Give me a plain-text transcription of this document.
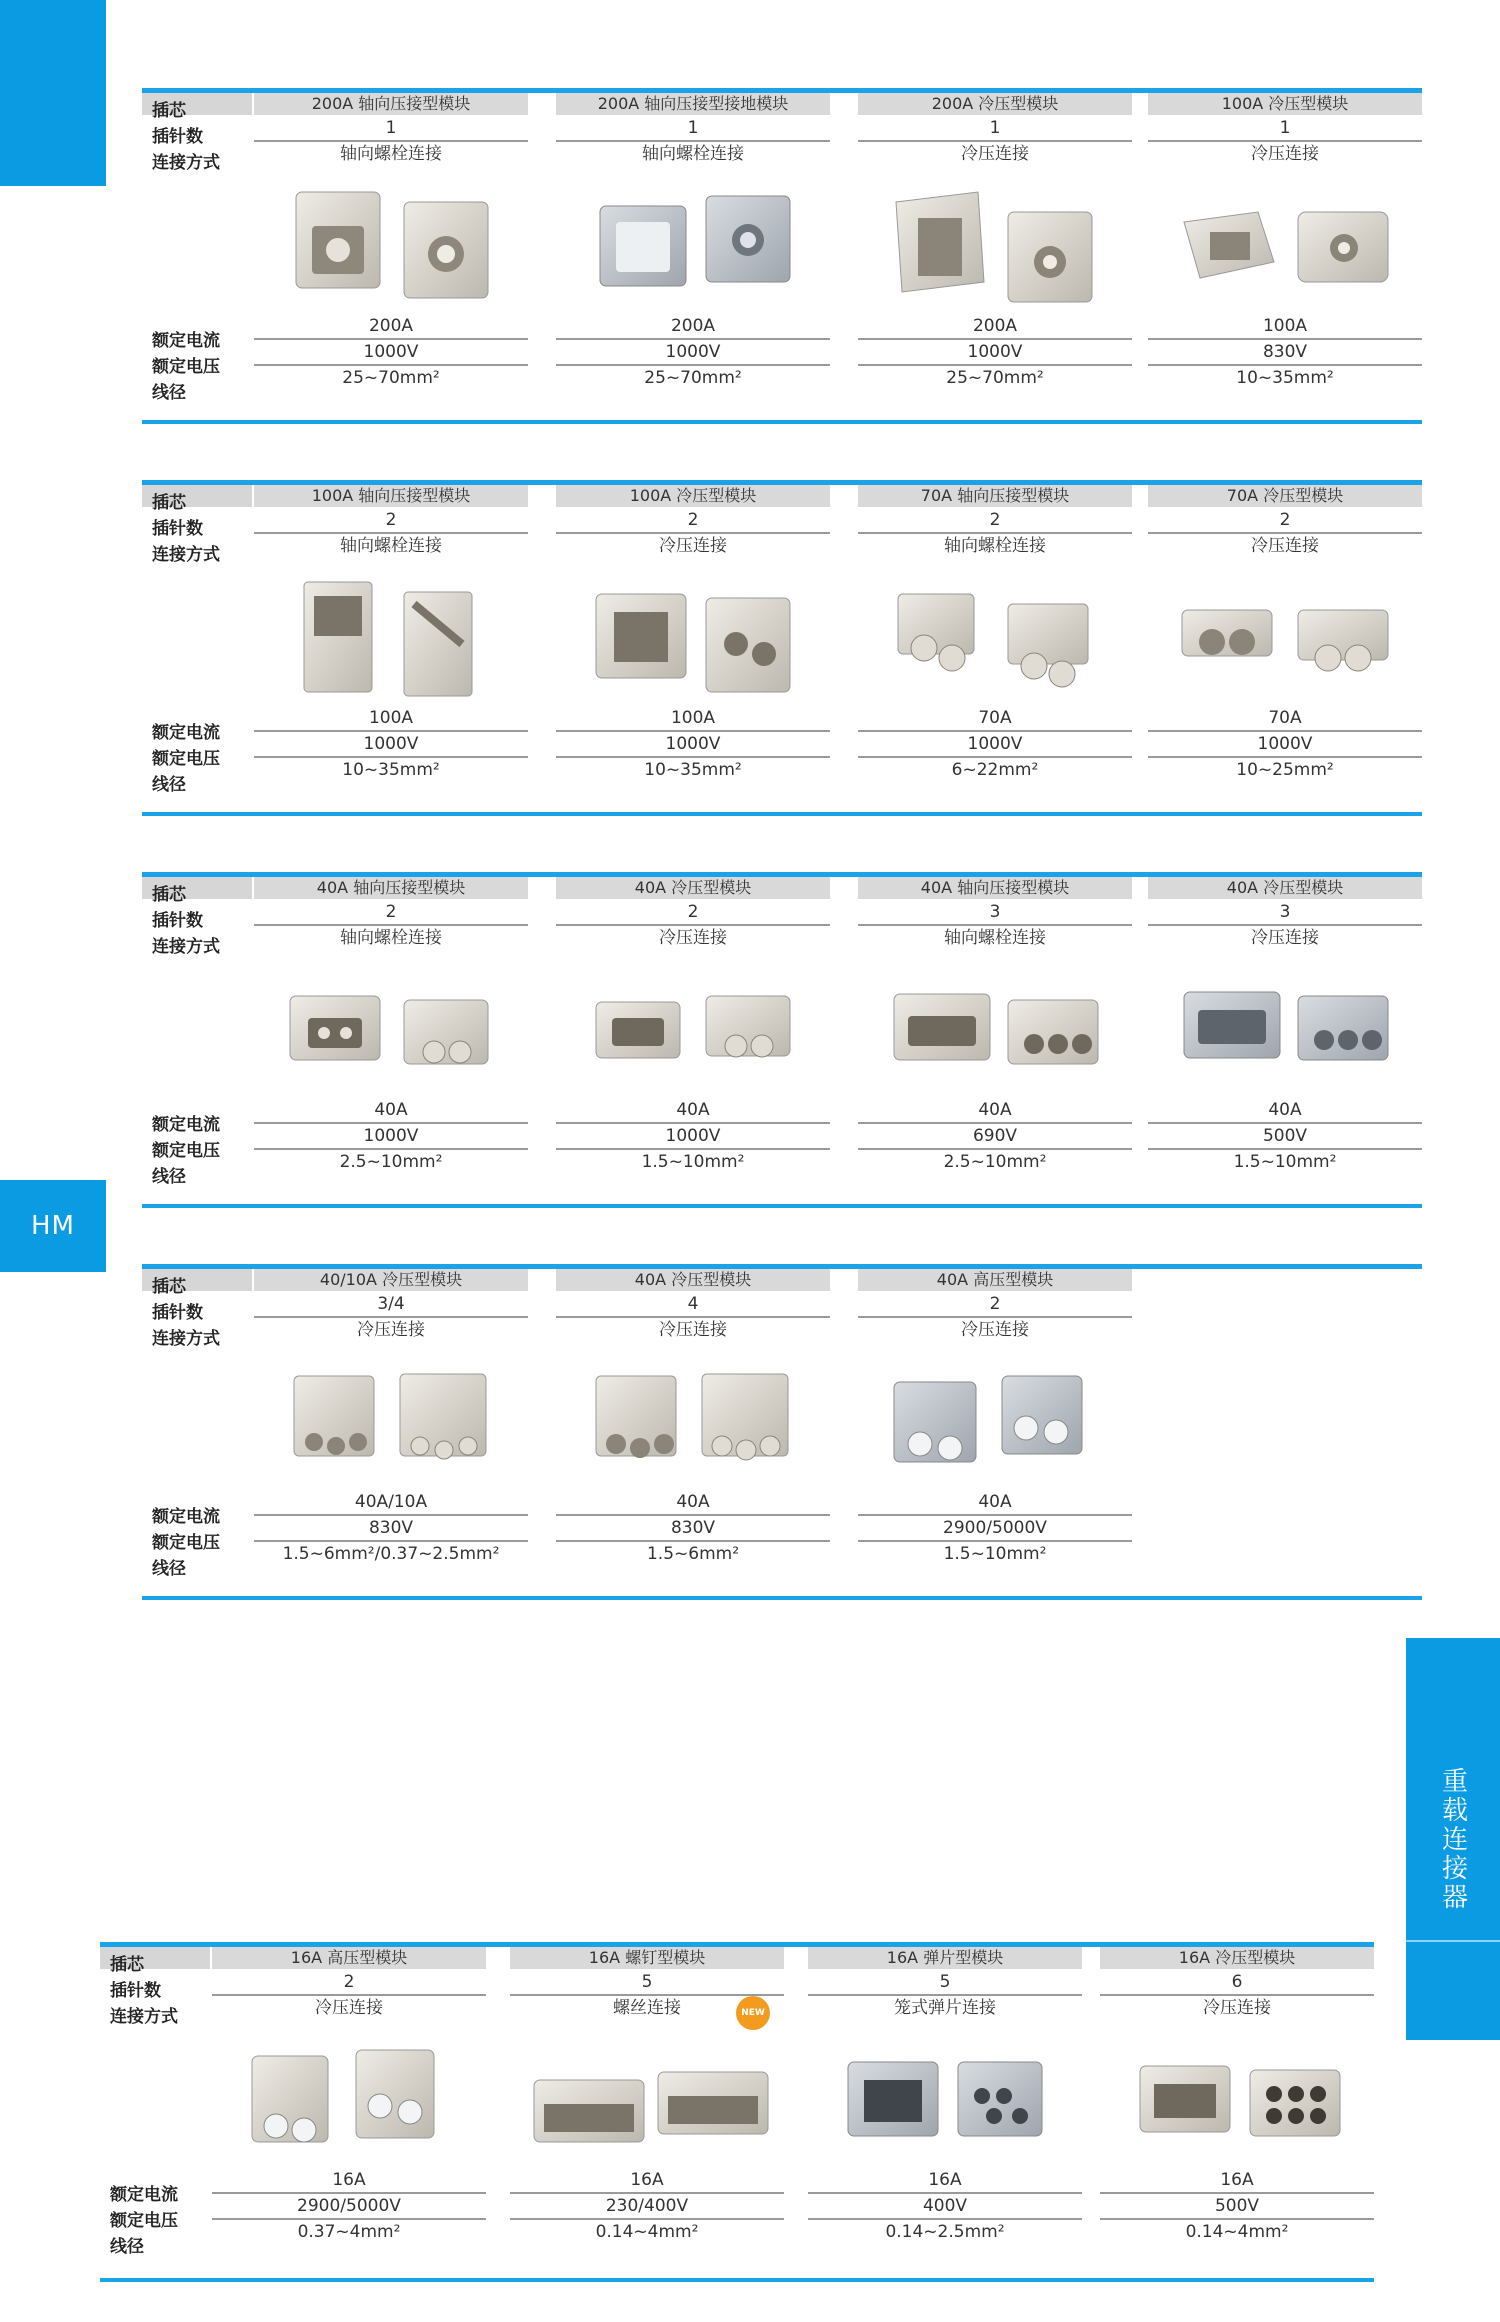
HM
重载连接器
插芯
插针数
连接方式
额定电流
额定电压
线径
200A 轴向压接型模块
1
轴向螺栓连接
200A
1000V
25~70mm²
200A 轴向压接型接地模块
1
轴向螺栓连接
200A
1000V
25~70mm²
200A 冷压型模块
1
冷压连接
200A
1000V
25~70mm²
100A 冷压型模块
1
冷压连接
100A
830V
10~35mm²
插芯
插针数
连接方式
额定电流
额定电压
线径
100A 轴向压接型模块
2
轴向螺栓连接
100A
1000V
10~35mm²
100A 冷压型模块
2
冷压连接
100A
1000V
10~35mm²
70A 轴向压接型模块
2
轴向螺栓连接
70A
1000V
6~22mm²
70A 冷压型模块
2
冷压连接
70A
1000V
10~25mm²
插芯
插针数
连接方式
额定电流
额定电压
线径
40A 轴向压接型模块
2
轴向螺栓连接
40A
1000V
2.5~10mm²
40A 冷压型模块
2
冷压连接
40A
1000V
1.5~10mm²
40A 轴向压接型模块
3
轴向螺栓连接
40A
690V
2.5~10mm²
40A 冷压型模块
3
冷压连接
40A
500V
1.5~10mm²
插芯
插针数
连接方式
额定电流
额定电压
线径
40/10A 冷压型模块
3/4
冷压连接
40A/10A
830V
1.5~6mm²/0.37~2.5mm²
40A 冷压型模块
4
冷压连接
40A
830V
1.5~6mm²
40A 高压型模块
2
冷压连接
40A
2900/5000V
1.5~10mm²
插芯
插针数
连接方式
额定电流
额定电压
线径
16A 高压型模块
2
冷压连接
16A
2900/5000V
0.37~4mm²
16A 螺钉型模块
5
螺丝连接	NEW
16A
230/400V
0.14~4mm²
16A 弹片型模块
5
笼式弹片连接
16A
400V
0.14~2.5mm²
16A 冷压型模块
6
冷压连接
16A
500V
0.14~4mm²
